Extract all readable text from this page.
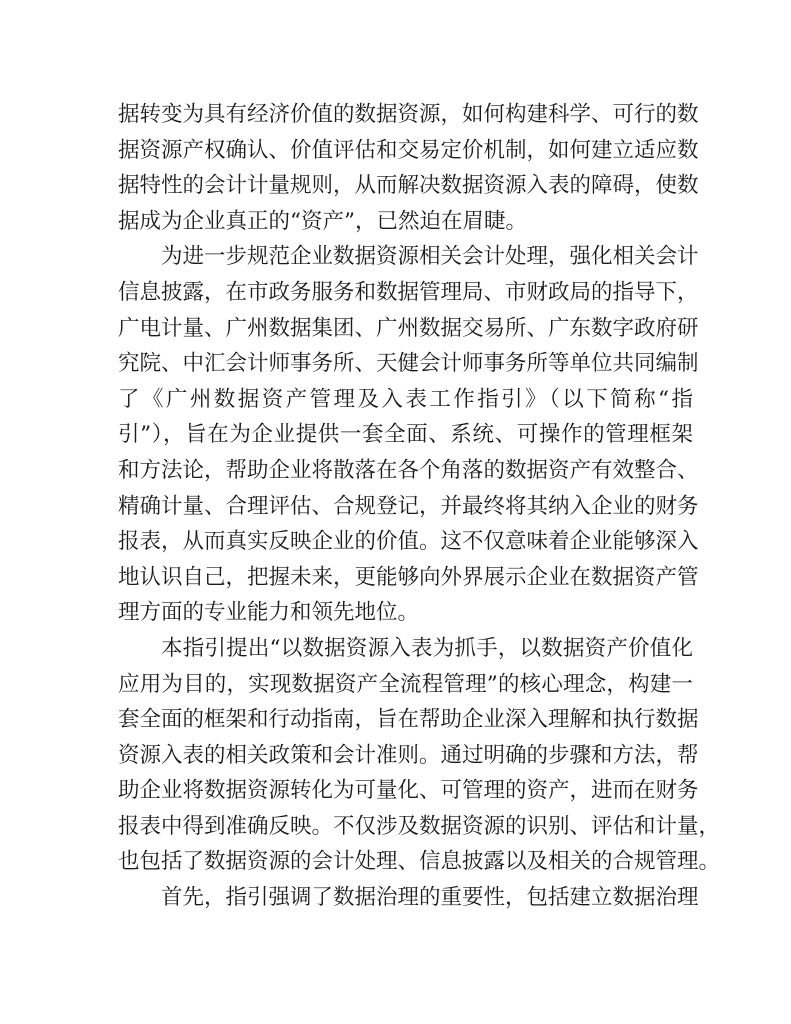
据转变为具有经济价值的数据资源，如何构建科学、可行的数
据资源产权确认、价值评估和交易定价机制，如何建立适应数
据特性的会计计量规则，从而解决数据资源入表的障碍，使数
据成为企业真正的“资产”，已然迫在眉睫。
为进一步规范企业数据资源相关会计处理，强化相关会计
信息披露，在市政务服务和数据管理局、市财政局的指导下，
广电计量、广州数据集团、广州数据交易所、广东数字政府研
究院、中汇会计师事务所、天健会计师事务所等单位共同编制
了《广州数据资产管理及入表工作指引》（以下简称“指
引”），旨在为企业提供一套全面、系统、可操作的管理框架
和方法论，帮助企业将散落在各个角落的数据资产有效整合、
精确计量、合理评估、合规登记，并最终将其纳入企业的财务
报表，从而真实反映企业的价值。这不仅意味着企业能够深入
地认识自己，把握未来，更能够向外界展示企业在数据资产管
理方面的专业能力和领先地位。
本指引提出“以数据资源入表为抓手，以数据资产价值化
应用为目的，实现数据资产全流程管理”的核心理念，构建一
套全面的框架和行动指南，旨在帮助企业深入理解和执行数据
资源入表的相关政策和会计准则。通过明确的步骤和方法，帮
助企业将数据资源转化为可量化、可管理的资产，进而在财务
报表中得到准确反映。不仅涉及数据资源的识别、评估和计量，
也包括了数据资源的会计处理、信息披露以及相关的合规管理。
首先，指引强调了数据治理的重要性，包括建立数据治理
